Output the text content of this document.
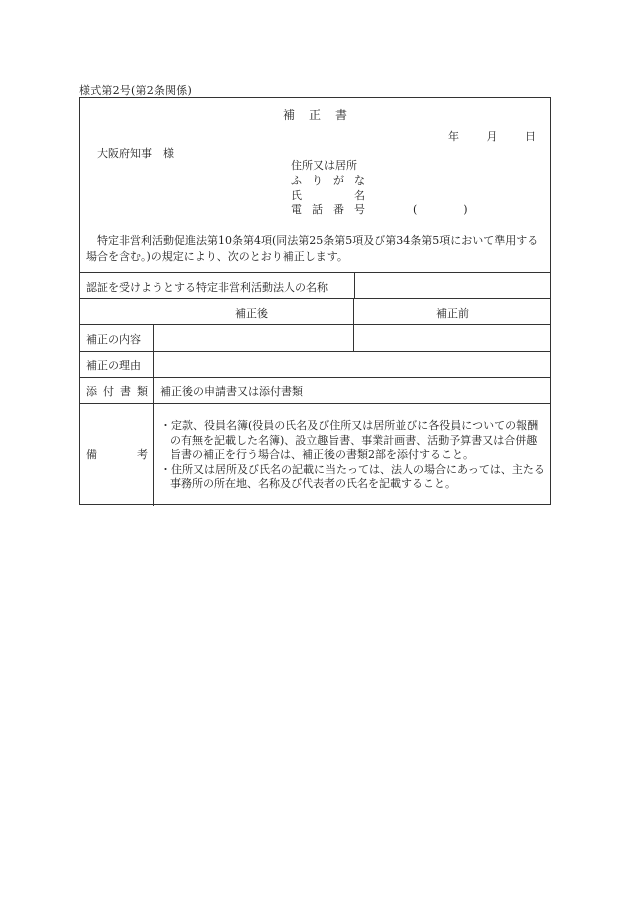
様式第2号(第2条関係)
補正書
年	月	日
大阪府知事　様
住所又は居所
ふ り が な
氏	名
電 話 番 号	(	)
特定非営利活動促進法第10条第4項(同法第25条第5項及び第34条第5項において準用する場合を含む。)の規定により、次のとおり補正します。
認証を受けようとする特定非営利活動法人の名称
補正後	補正前
補正の内容
補正の理由
添 付 書 類 補正後の申請書又は添付書類
備	考
・定款、役員名簿(役員の氏名及び住所又は居所並びに各役員についての報酬の有無を記載した名簿)、設立趣旨書、事業計画書、活動予算書又は合併趣旨書の補正を行う場合は、補正後の書類2部を添付すること。
・住所又は居所及び氏名の記載に当たっては、法人の場合にあっては、主たる事務所の所在地、名称及び代表者の氏名を記載すること。
